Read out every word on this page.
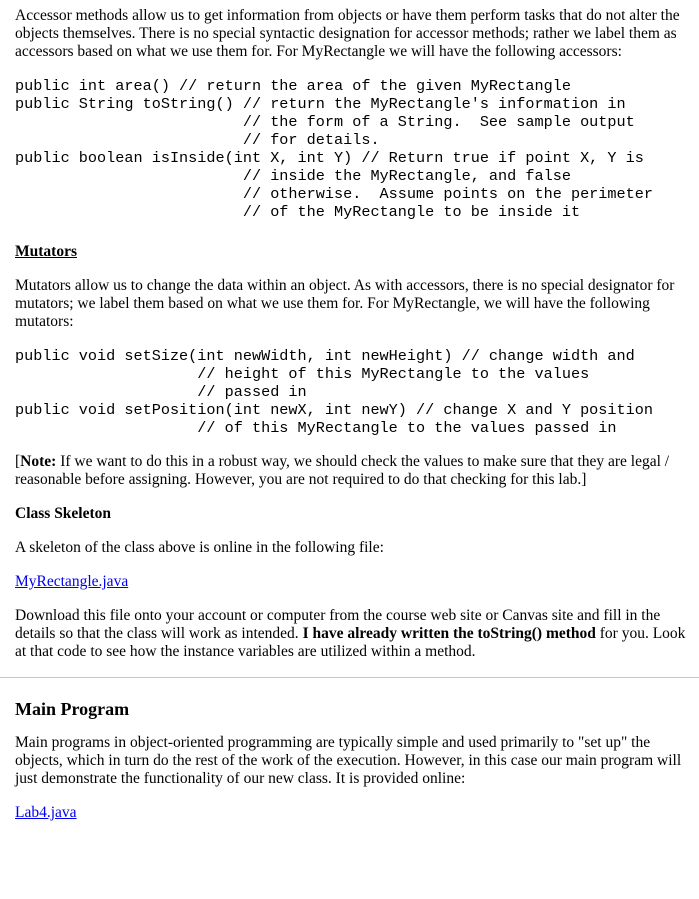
Accessor methods allow us to get information from objects or have them perform tasks that do not alter the objects themselves. There is no special syntactic designation for accessor methods; rather we label them as accessors based on what we use them for. For MyRectangle we will have the following accessors:

public int area() // return the area of the given MyRectangle
public String toString() // return the MyRectangle's information in
// the form of a String.  See sample output
// for details.
public boolean isInside(int X, int Y) // Return true if point X, Y is
// inside the MyRectangle, and false
// otherwise.  Assume points on the perimeter
// of the MyRectangle to be inside it
Mutators

Mutators allow us to change the data within an object. As with accessors, there is no special designator for mutators; we label them based on what we use them for. For MyRectangle, we will have the following mutators:

public void setSize(int newWidth, int newHeight) // change width and
// height of this MyRectangle to the values
// passed in
public void setPosition(int newX, int newY) // change X and Y position
// of this MyRectangle to the values passed in

[Note: If we want to do this in a robust way, we should check the values to make sure that they are legal / reasonable before assigning. However, you are not required to do that checking for this lab.]

Class Skeleton

A skeleton of the class above is online in the following file:

MyRectangle.java

Download this file onto your account or computer from the course web site or Canvas site and fill in the details so that the class will work as intended. I have already written the toString() method for you. Look at that code to see how the instance variables are utilized within a method.

Main Program

Main programs in object-oriented programming are typically simple and used primarily to "set up" the objects, which in turn do the rest of the work of the execution. However, in this case our main program will just demonstrate the functionality of our new class. It is provided online:

Lab4.java
